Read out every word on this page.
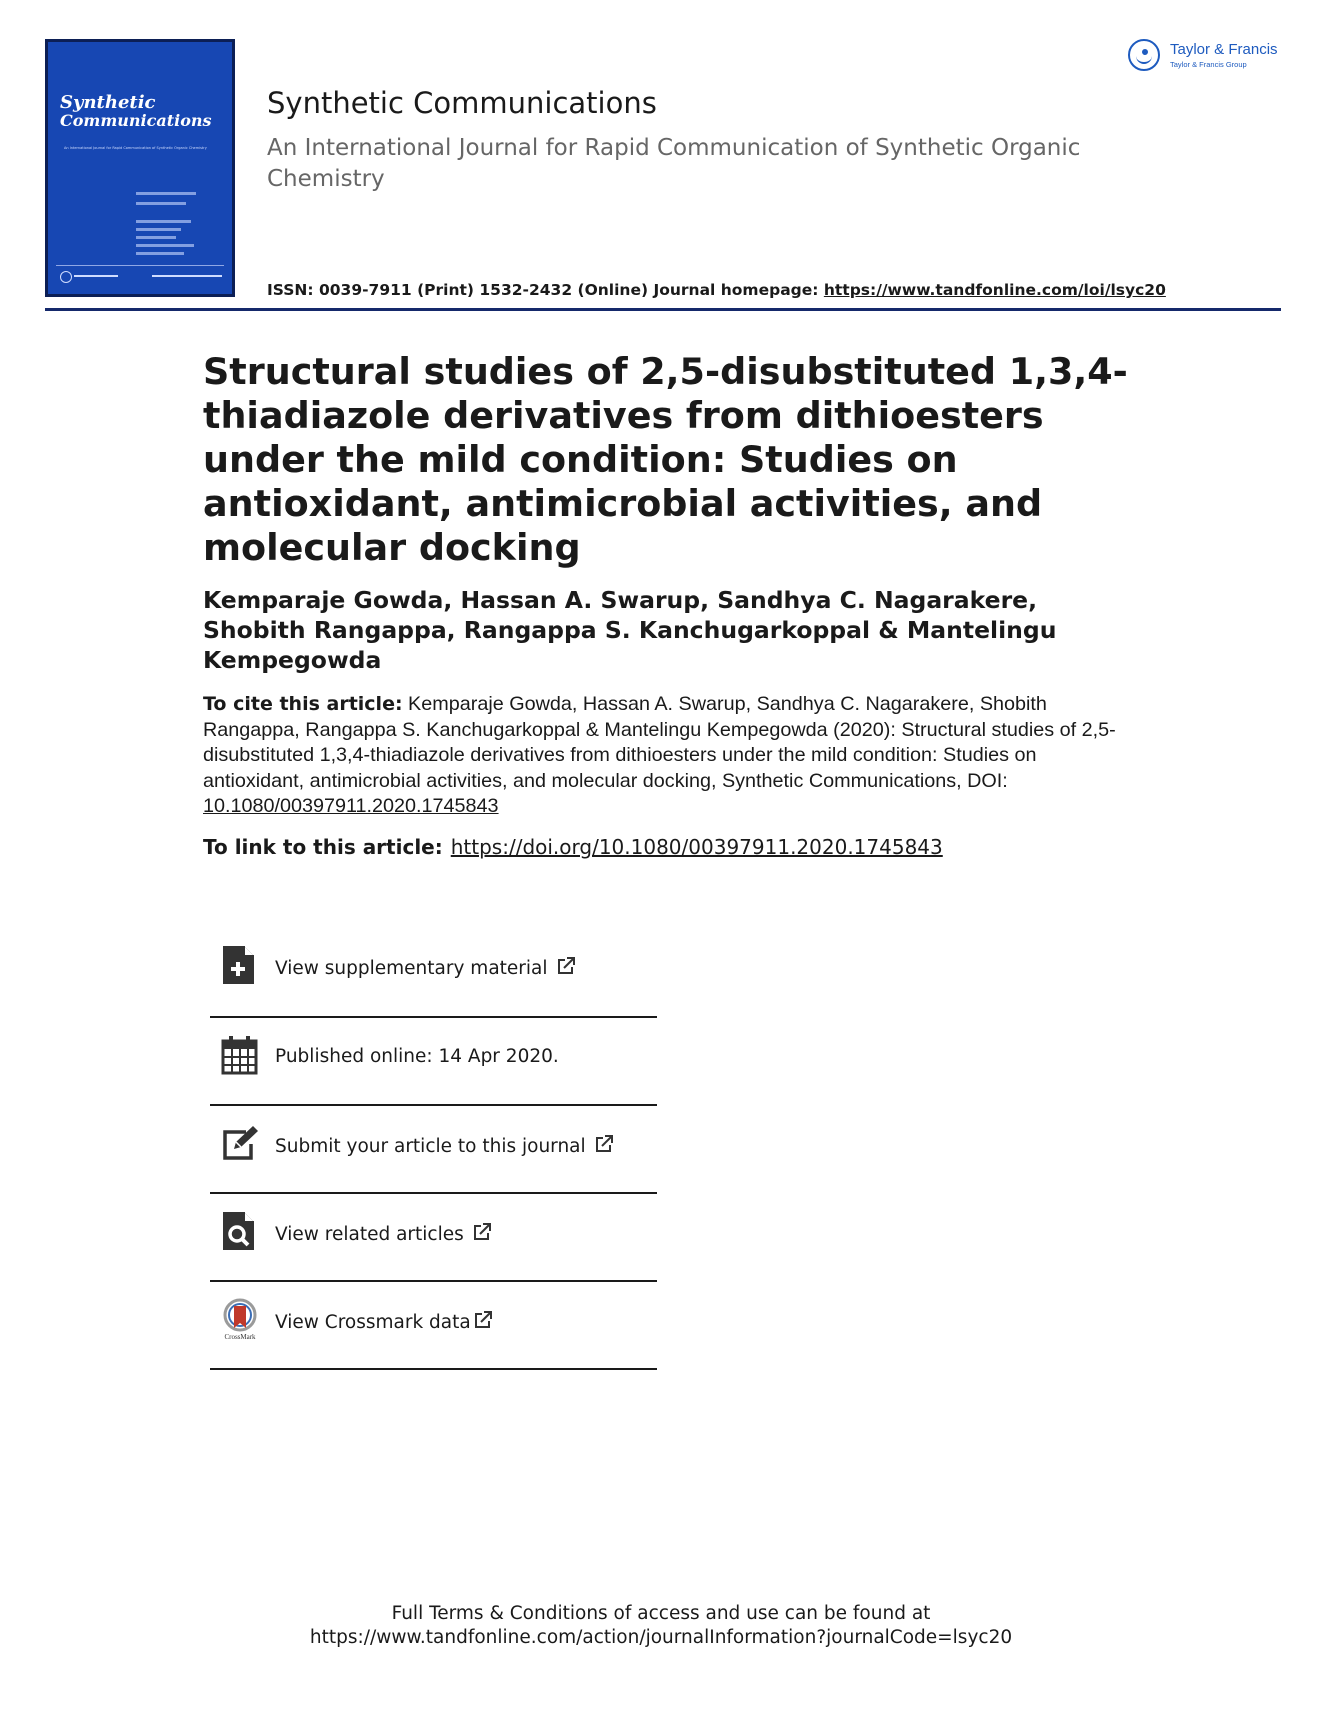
Synthetic
Communications
An International Journal for Rapid Communication of Synthetic Organic Chemistry
Taylor & Francis
Taylor & Francis Group
Synthetic Communications
An International Journal for Rapid Communication of Synthetic Organic Chemistry
ISSN: 0039-7911 (Print) 1532-2432 (Online) Journal homepage: https://www.tandfonline.com/loi/lsyc20
Structural studies of 2,5-disubstituted 1,3,4-thiadiazole derivatives from dithioesters under the mild condition: Studies on antioxidant, antimicrobial activities, and molecular docking
Kemparaje Gowda, Hassan A. Swarup, Sandhya C. Nagarakere, Shobith Rangappa, Rangappa S. Kanchugarkoppal & Mantelingu Kempegowda
To cite this article: Kemparaje Gowda, Hassan A. Swarup, Sandhya C. Nagarakere, Shobith Rangappa, Rangappa S. Kanchugarkoppal & Mantelingu Kempegowda (2020): Structural studies of 2,5-disubstituted 1,3,4-thiadiazole derivatives from dithioesters under the mild condition: Studies on antioxidant, antimicrobial activities, and molecular docking, Synthetic Communications, DOI: 10.1080/00397911.2020.1745843
To link to this article: https://doi.org/10.1080/00397911.2020.1745843
View supplementary material
Published online: 14 Apr 2020.
Submit your article to this journal
View related articles
CrossMark
View Crossmark data
Full Terms & Conditions of access and use can be found at
https://www.tandfonline.com/action/journalInformation?journalCode=lsyc20
